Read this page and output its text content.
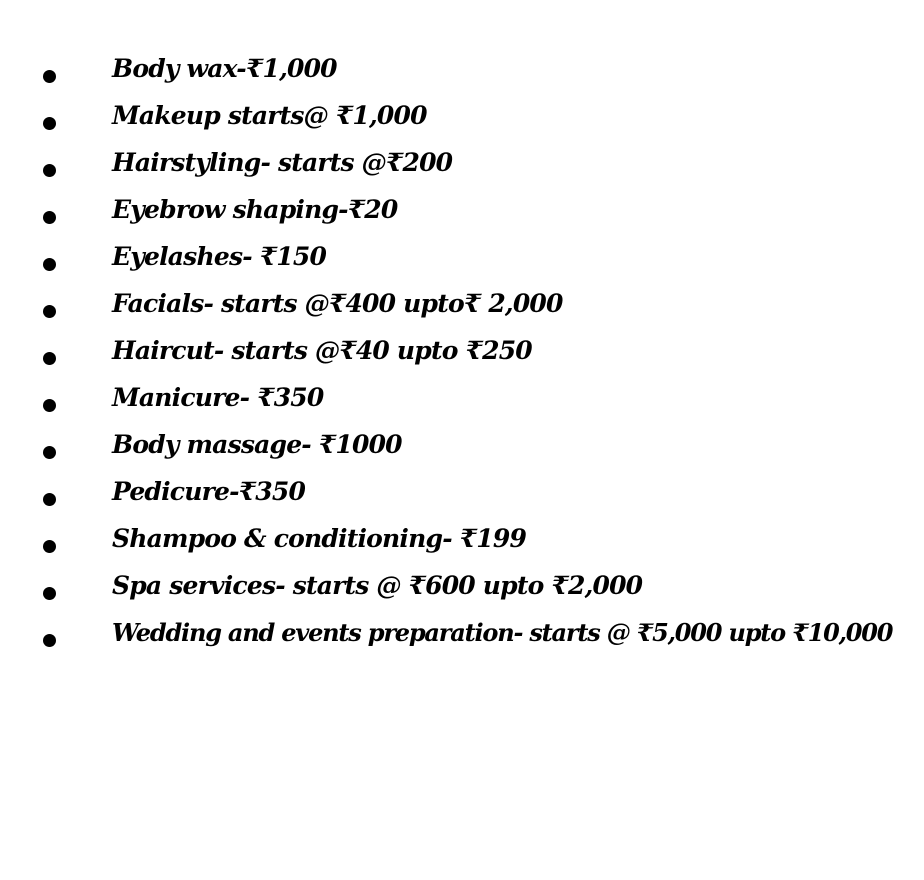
Body wax-₹1,000
Makeup starts@ ₹1,000
Hairstyling- starts @₹200
Eyebrow shaping-₹20
Eyelashes- ₹150
Facials- starts @₹400 upto₹ 2,000
Haircut- starts @₹40 upto ₹250
Manicure- ₹350
Body massage- ₹1000
Pedicure-₹350
Shampoo & conditioning- ₹199
Spa services- starts @ ₹600 upto ₹2,000
Wedding and events preparation- starts @ ₹5,000 upto ₹10,000
